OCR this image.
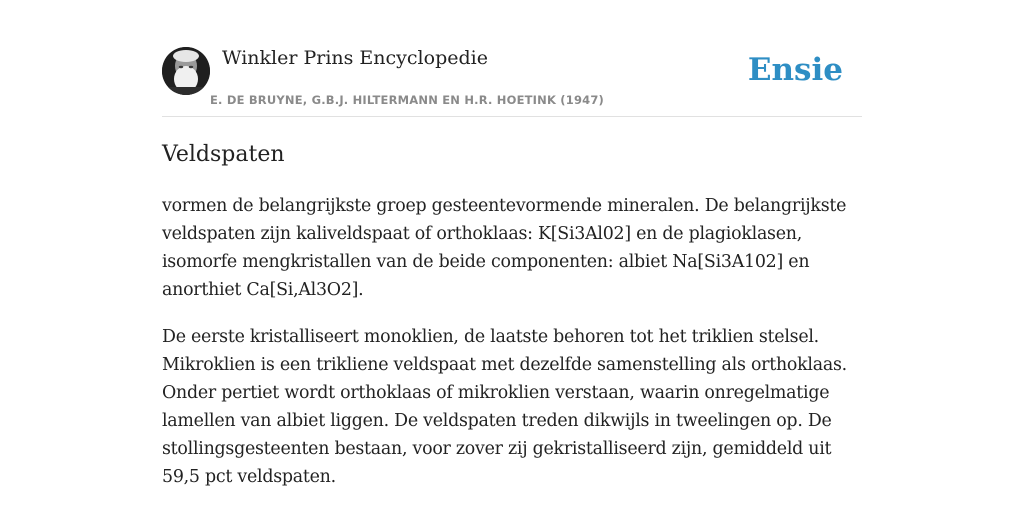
Winkler Prins Encyclopedie
E. DE BRUYNE, G.B.J. HILTERMANN EN H.R. HOETINK (1947)
Ensie
Veldspaten

vormen de belangrijkste groep gesteentevormende mineralen. De belangrijkste veldspaten zijn kaliveldspaat of orthoklaas: K[Si3Al02] en de plagioklasen, isomorfe mengkristallen van de beide componenten: albiet Na[Si3A102] en anorthiet Ca[Si,Al3O2].

De eerste kristalliseert monoklien, de laatste behoren tot het triklien stelsel. Mikroklien is een trikliene veldspaat met dezelfde samenstelling als orthoklaas. Onder pertiet wordt orthoklaas of mikroklien verstaan, waarin onregelmatige lamellen van albiet liggen. De veldspaten treden dikwijls in tweelingen op. De stollingsgesteenten bestaan, voor zover zij gekristalliseerd zijn, gemiddeld uit 59,5 pct veldspaten.
